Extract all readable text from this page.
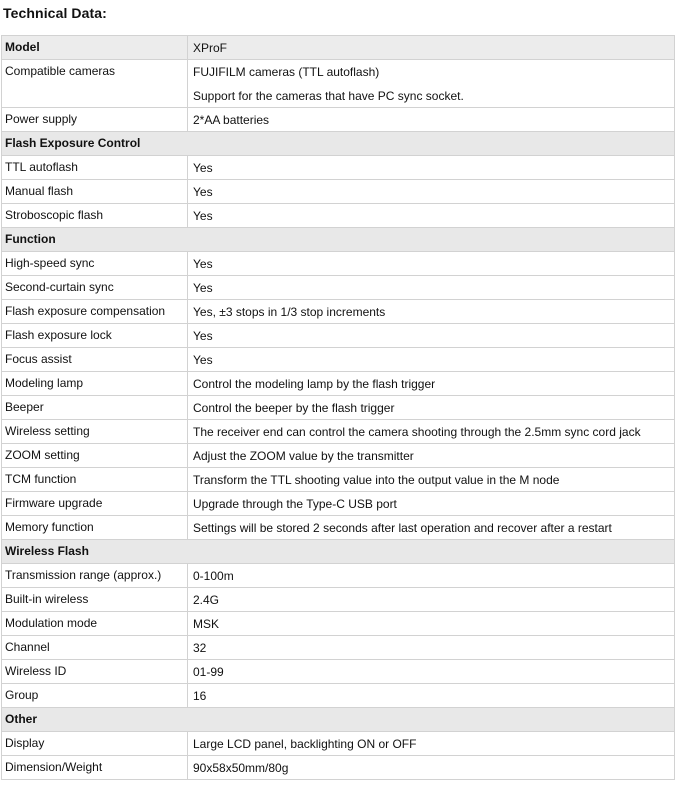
Technical Data:
Model	XProF

Compatible cameras	FUJIFILM cameras (TTL autoflash)
Support for the cameras that have PC sync socket.

Power supply	2*AA batteries

Flash Exposure Control	
TTL autoflash	Yes

Manual flash	Yes

Stroboscopic flash	Yes

Function	
High-speed sync	Yes

Second-curtain sync	Yes

Flash exposure compensation	Yes, ±3 stops in 1/3 stop increments

Flash exposure lock	Yes

Focus assist	Yes

Modeling lamp	Control the modeling lamp by the flash trigger

Beeper	Control the beeper by the flash trigger

Wireless setting	The receiver end can control the camera shooting through the 2.5mm sync cord jack

ZOOM setting	Adjust the ZOOM value by the transmitter

TCM function	Transform the TTL shooting value into the output value in the M node

Firmware upgrade	Upgrade through the Type-C USB port

Memory function	Settings will be stored 2 seconds after last operation and recover after a restart

Wireless Flash	
Transmission range (approx.)	0-100m

Built-in wireless	2.4G

Modulation mode	MSK

Channel	32

Wireless ID	01-99

Group	16

Other	
Display	Large LCD panel, backlighting ON or OFF

Dimension/Weight	90x58x50mm/80g
